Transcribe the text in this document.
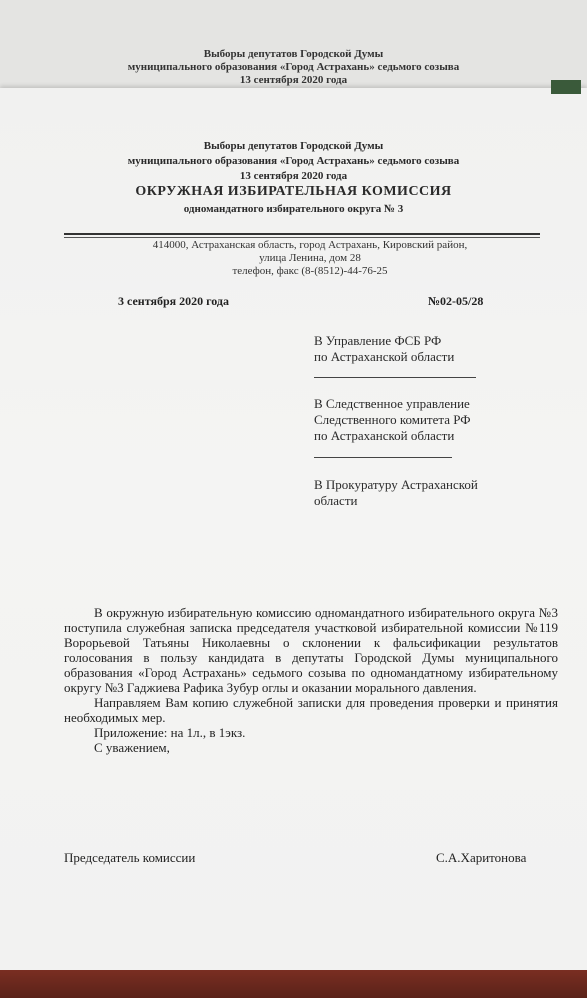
Выборы депутатов Городской Думы
муниципального образования «Город Астрахань» седьмого созыва
13 сентября 2020 года
Выборы депутатов Городской Думы
муниципального образования «Город Астрахань» седьмого созыва
13 сентября 2020 года
ОКРУЖНАЯ ИЗБИРАТЕЛЬНАЯ КОМИССИЯ
одномандатного избирательного округа № 3
414000, Астраханская область, город Астрахань, Кировский район,
улица Ленина, дом 28
телефон, факс (8-(8512)-44-76-25
3 сентября 2020 года	№02-05/28
В Управление ФСБ РФ
по Астраханской области
В Следственное управление
Следственного комитета РФ
по Астраханской области
В Прокуратуру Астраханской
области

В окружную избирательную комиссию одномандатного избирательного округа №3 поступила служебная записка председателя участковой избирательной комиссии №119 Ворорьевой Татьяны Николаевны о склонении к фальсификации результатов голосования в пользу кандидата в депутаты Городской Думы муниципального образования «Город Астрахань» седьмого созыва по одномандатному избирательному округу №3 Гаджиева Рафика Зубур оглы и оказании морального давления.

Направляем Вам копию служебной записки для проведения проверки и принятия необходимых мер.

Приложение: на 1л., в 1экз.

С уважением,

Председатель комиссии	С.А.Харитонова
